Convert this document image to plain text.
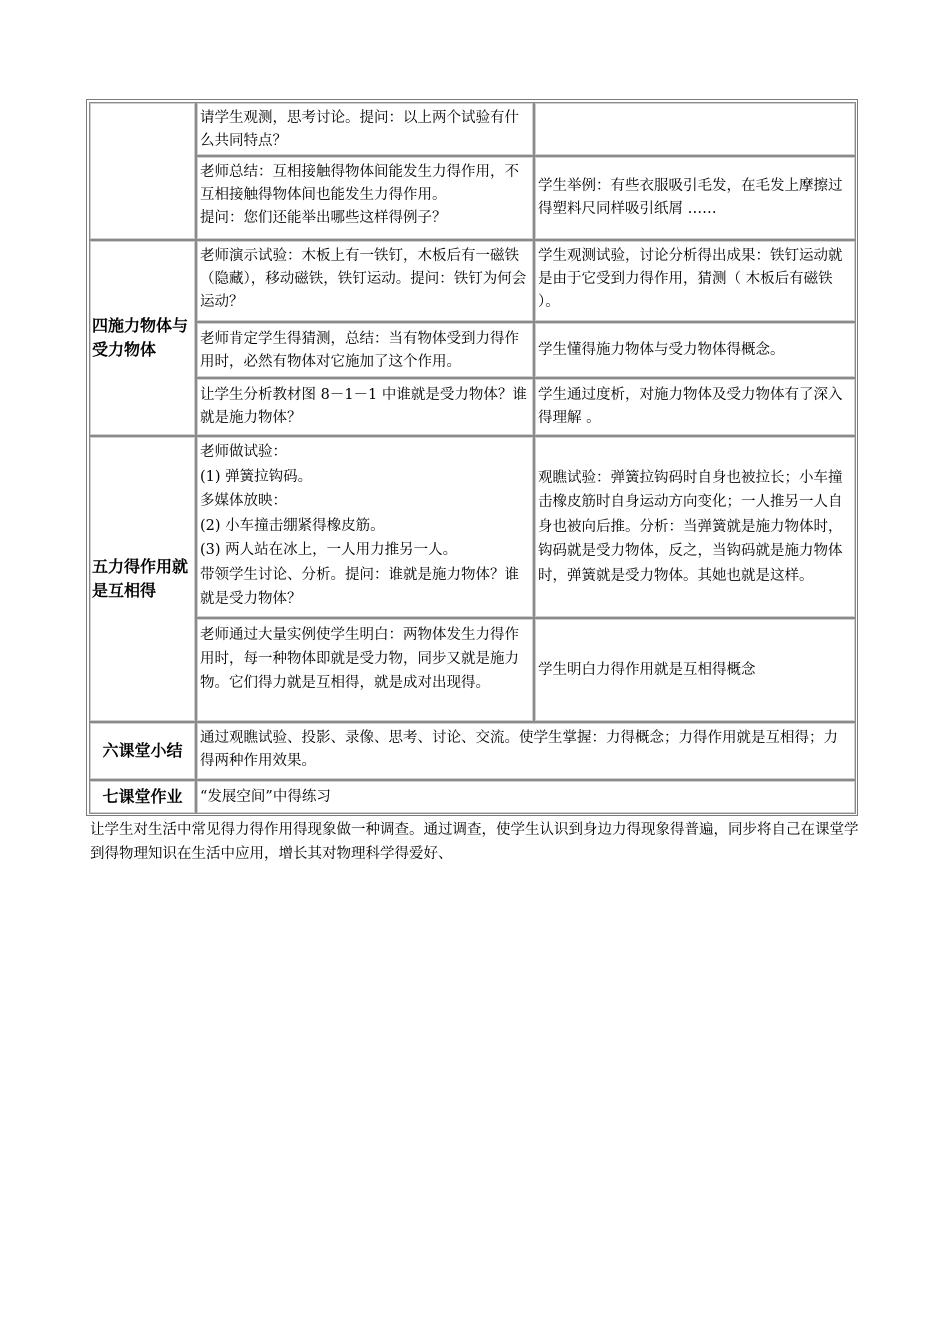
请学生观测，思考讨论。提问：以上两个试验有什么共同特点？
老师总结：互相接触得物体间能发生力得作用，不互相接触得物体间也能发生力得作用。
提问：您们还能举出哪些这样得例子？
学生举例：有些衣服吸引毛发，在毛发上摩擦过得塑料尺同样吸引纸屑 ……
四施力物体与受力物体
老师演示试验：木板上有一铁钉，木板后有一磁铁（隐藏），移动磁铁，铁钉运动。提问：铁钉为何会运动？
学生观测试验，讨论分析得出成果：铁钉运动就是由于它受到力得作用，猜测（ 木板后有磁铁 ）。
老师肯定学生得猜测，总结：当有物体受到力得作用时，必然有物体对它施加了这个作用。
学生懂得施力物体与受力物体得概念。
让学生分析教材图 8－1－1 中谁就是受力物体？谁就是施力物体？
学生通过度析，对施力物体及受力物体有了深入得理解 。
五力得作用就是互相得
老师做试验：
(1) 弹簧拉钩码。
多媒体放映：
(2) 小车撞击绷紧得橡皮筋。
(3) 两人站在冰上，一人用力推另一人。
带领学生讨论、分析。提问：谁就是施力物体？谁就是受力物体？
观瞧试验：弹簧拉钩码时自身也被拉长；小车撞击橡皮筋时自身运动方向变化；一人推另一人自身也被向后推。分析：当弹簧就是施力物体时，钩码就是受力物体，反之，当钩码就是施力物体时，弹簧就是受力物体。其她也就是这样。
老师通过大量实例使学生明白：两物体发生力得作用时，每一种物体即就是受力物，同步又就是施力物。它们得力就是互相得，就是成对出现得。
学生明白力得作用就是互相得概念
六课堂小结
通过观瞧试验、投影、录像、思考、讨论、交流。使学生掌握：力得概念；力得作用就是互相得；力得两种作用效果。
七课堂作业 “发展空间”中得练习
让学生对生活中常见得力得作用得现象做一种调查。通过调查，使学生认识到身边力得现象得普遍，同步将自己在课堂学到得物理知识在生活中应用，增长其对物理科学得爱好、
